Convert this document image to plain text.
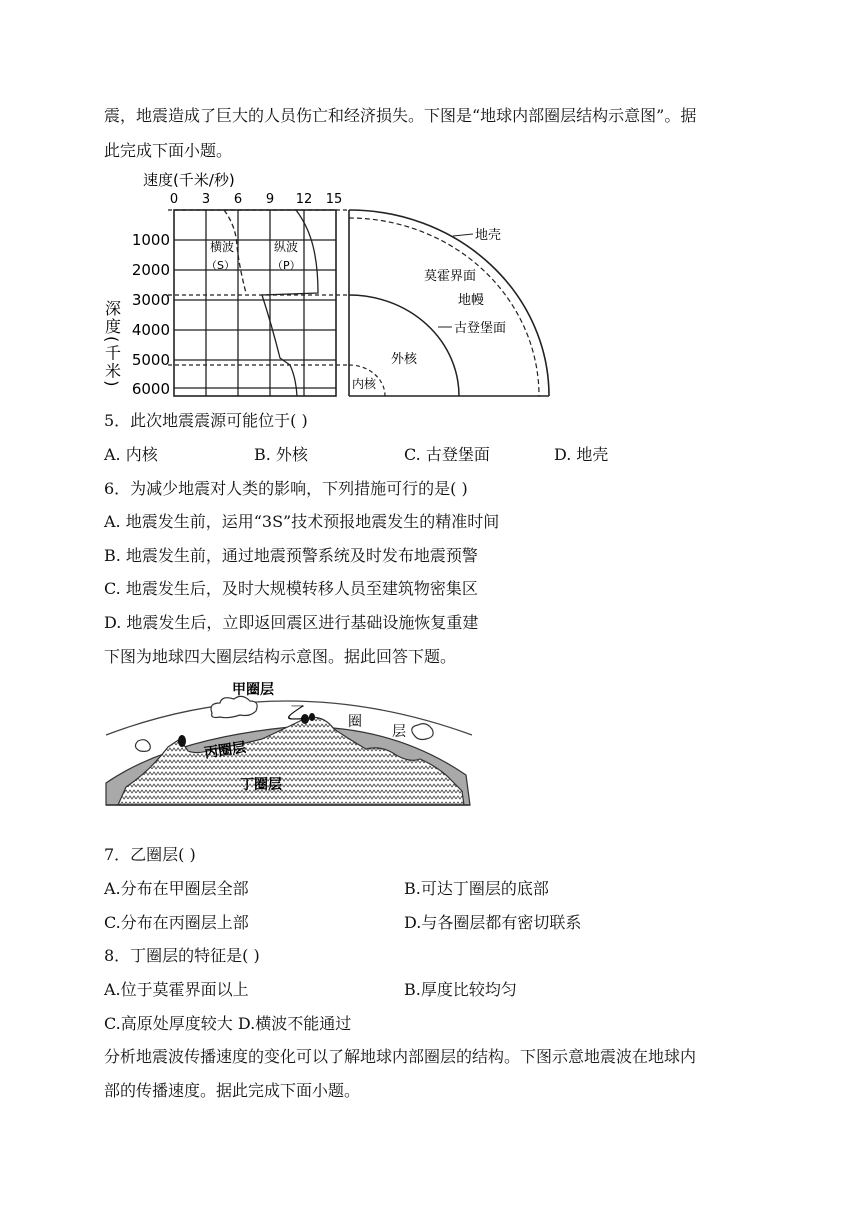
震，地震造成了巨大的人员伤亡和经济损失。下图是“地球内部圈层结构示意图”。据
此完成下面小题。
速度(千米/秒)
0 3 6 9 12 15
横波
（S）
纵波
（P）
1000
2000
3000
4000
5000
6000
深度(千米)
地壳
莫霍界面
地幔
古登堡面
外核
内核
5．此次地震震源可能位于( )
A. 内核	B. 外核	C. 古登堡面	D. 地壳
6．为减少地震对人类的影响，下列措施可行的是( )
A. 地震发生前，运用“3S”技术预报地震发生的精准时间
B. 地震发生前，通过地震预警系统及时发布地震预警
C. 地震发生后，及时大规模转移人员至建筑物密集区
D. 地震发生后，立即返回震区进行基础设施恢复重建
下图为地球四大圈层结构示意图。据此回答下题。
甲圈层
乙	圈
层
丙圈层
丁圈层
7．乙圈层( )
A.分布在甲圈层全部	B.可达丁圈层的底部
C.分布在丙圈层上部	D.与各圈层都有密切联系
8．丁圈层的特征是( )
A.位于莫霍界面以上	B.厚度比较均匀
C.高原处厚度较大 D.横波不能通过
分析地震波传播速度的变化可以了解地球内部圈层的结构。下图示意地震波在地球内
部的传播速度。据此完成下面小题。
